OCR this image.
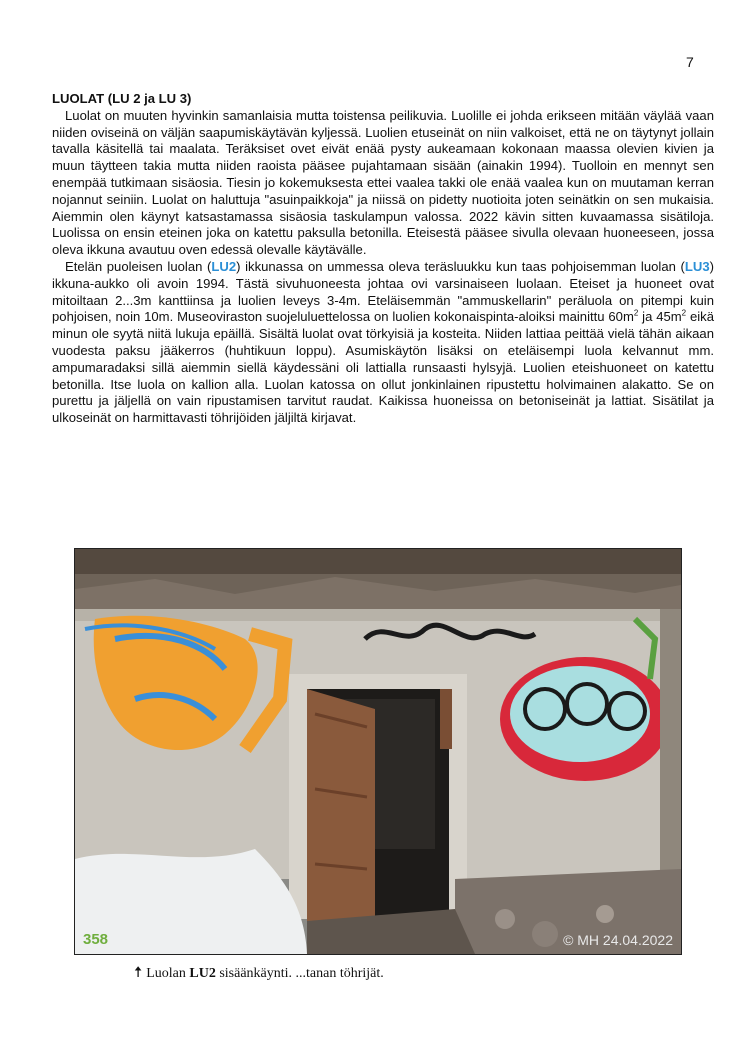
7

LUOLAT (LU 2 ja LU 3)

Luolat on muuten hyvinkin samanlaisia mutta toistensa peilikuvia. Luolille ei johda erikseen mitään väylää vaan niiden oviseinä on väljän saapumiskäytävän kyljessä. Luolien etuseinät on niin valkoiset, että ne on täytynyt jollain tavalla käsitellä tai maalata. Teräksiset ovet eivät enää pysty aukeamaan kokonaan maassa olevien kivien ja muun täytteen takia mutta niiden raoista pääsee pujahtamaan sisään (ainakin 1994). Tuolloin en mennyt sen enempää tutkimaan sisäosia. Tiesin jo kokemuksesta ettei vaalea takki ole enää vaalea kun on muutaman kerran nojannut seiniin. Luolat on haluttuja "asuinpaikkoja" ja niissä on pidetty nuotioita joten seinätkin on sen mukaisia. Aiemmin olen käynyt katsastamassa sisäosia taskulampun valossa. 2022 kävin sitten kuvaamassa sisätiloja. Luolissa on ensin eteinen joka on katettu paksulla betonilla. Eteisestä pääsee sivulla olevaan huoneeseen, jossa oleva ikkuna avautuu oven edessä olevalle käytävälle.

Etelän puoleisen luolan (LU2) ikkunassa on ummessa oleva teräsluukku kun taas pohjoisemman luolan (LU3) ikkuna-aukko oli avoin 1994. Tästä sivuhuoneesta johtaa ovi varsinaiseen luolaan. Eteiset ja huoneet ovat mitoiltaan 2...3m kanttiinsa ja luolien leveys 3-4m. Eteläisemmän "ammuskellarin" peräluola on pitempi kuin pohjoisen, noin 10m. Museoviraston suojeluluettelossa on luolien kokonaispinta-aloiksi mainittu $60m^2$ ja $45m^2$ eikä minun ole syytä niitä lukuja epäillä. Sisältä luolat ovat törkyisiä ja kosteita. Niiden lattiaa peittää vielä tähän aikaan vuodesta paksu jääkerros (huhtikuun loppu). Asumiskäytön lisäksi on eteläisempi luola kelvannut mm. ampumaradaksi sillä aiemmin siellä käydessäni oli lattialla runsaasti hylsyjä. Luolien eteishuoneet on katettu betonilla. Itse luola on kallion alla. Luolan katossa on ollut jonkinlainen ripustettu holvimainen alakatto. Se on purettu ja jäljellä on vain ripustamisen tarvitut raudat. Kaikissa huoneissa on betoniseinät ja lattiat. Sisätilat ja ulkoseinät on harmittavasti töhrijöiden jäljiltä kirjavat.

358	© MH 24.04.2022
🠅 Luolan LU2 sisäänkäynti. ...tanan töhrijät.
